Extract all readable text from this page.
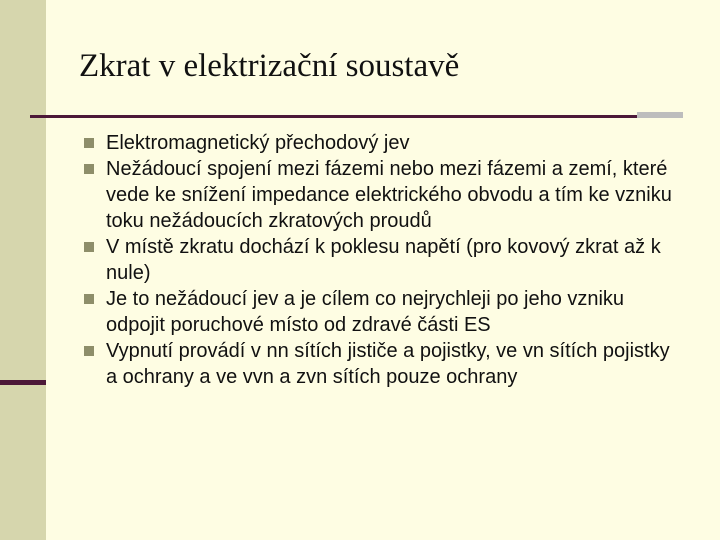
Zkrat v elektrizační soustavě
Elektromagnetický přechodový jev
Nežádoucí spojení mezi fázemi nebo mezi fázemi a zemí, které vede ke snížení impedance elektrického obvodu a tím ke vzniku toku nežádoucích zkratových proudů
V místě zkratu dochází k poklesu napětí (pro kovový zkrat až k nule)
Je to nežádoucí jev a je cílem co nejrychleji po jeho vzniku odpojit poruchové místo od zdravé části ES
Vypnutí provádí v nn sítích jističe a pojistky, ve vn sítích pojistky a ochrany a ve vvn a zvn sítích pouze ochrany
